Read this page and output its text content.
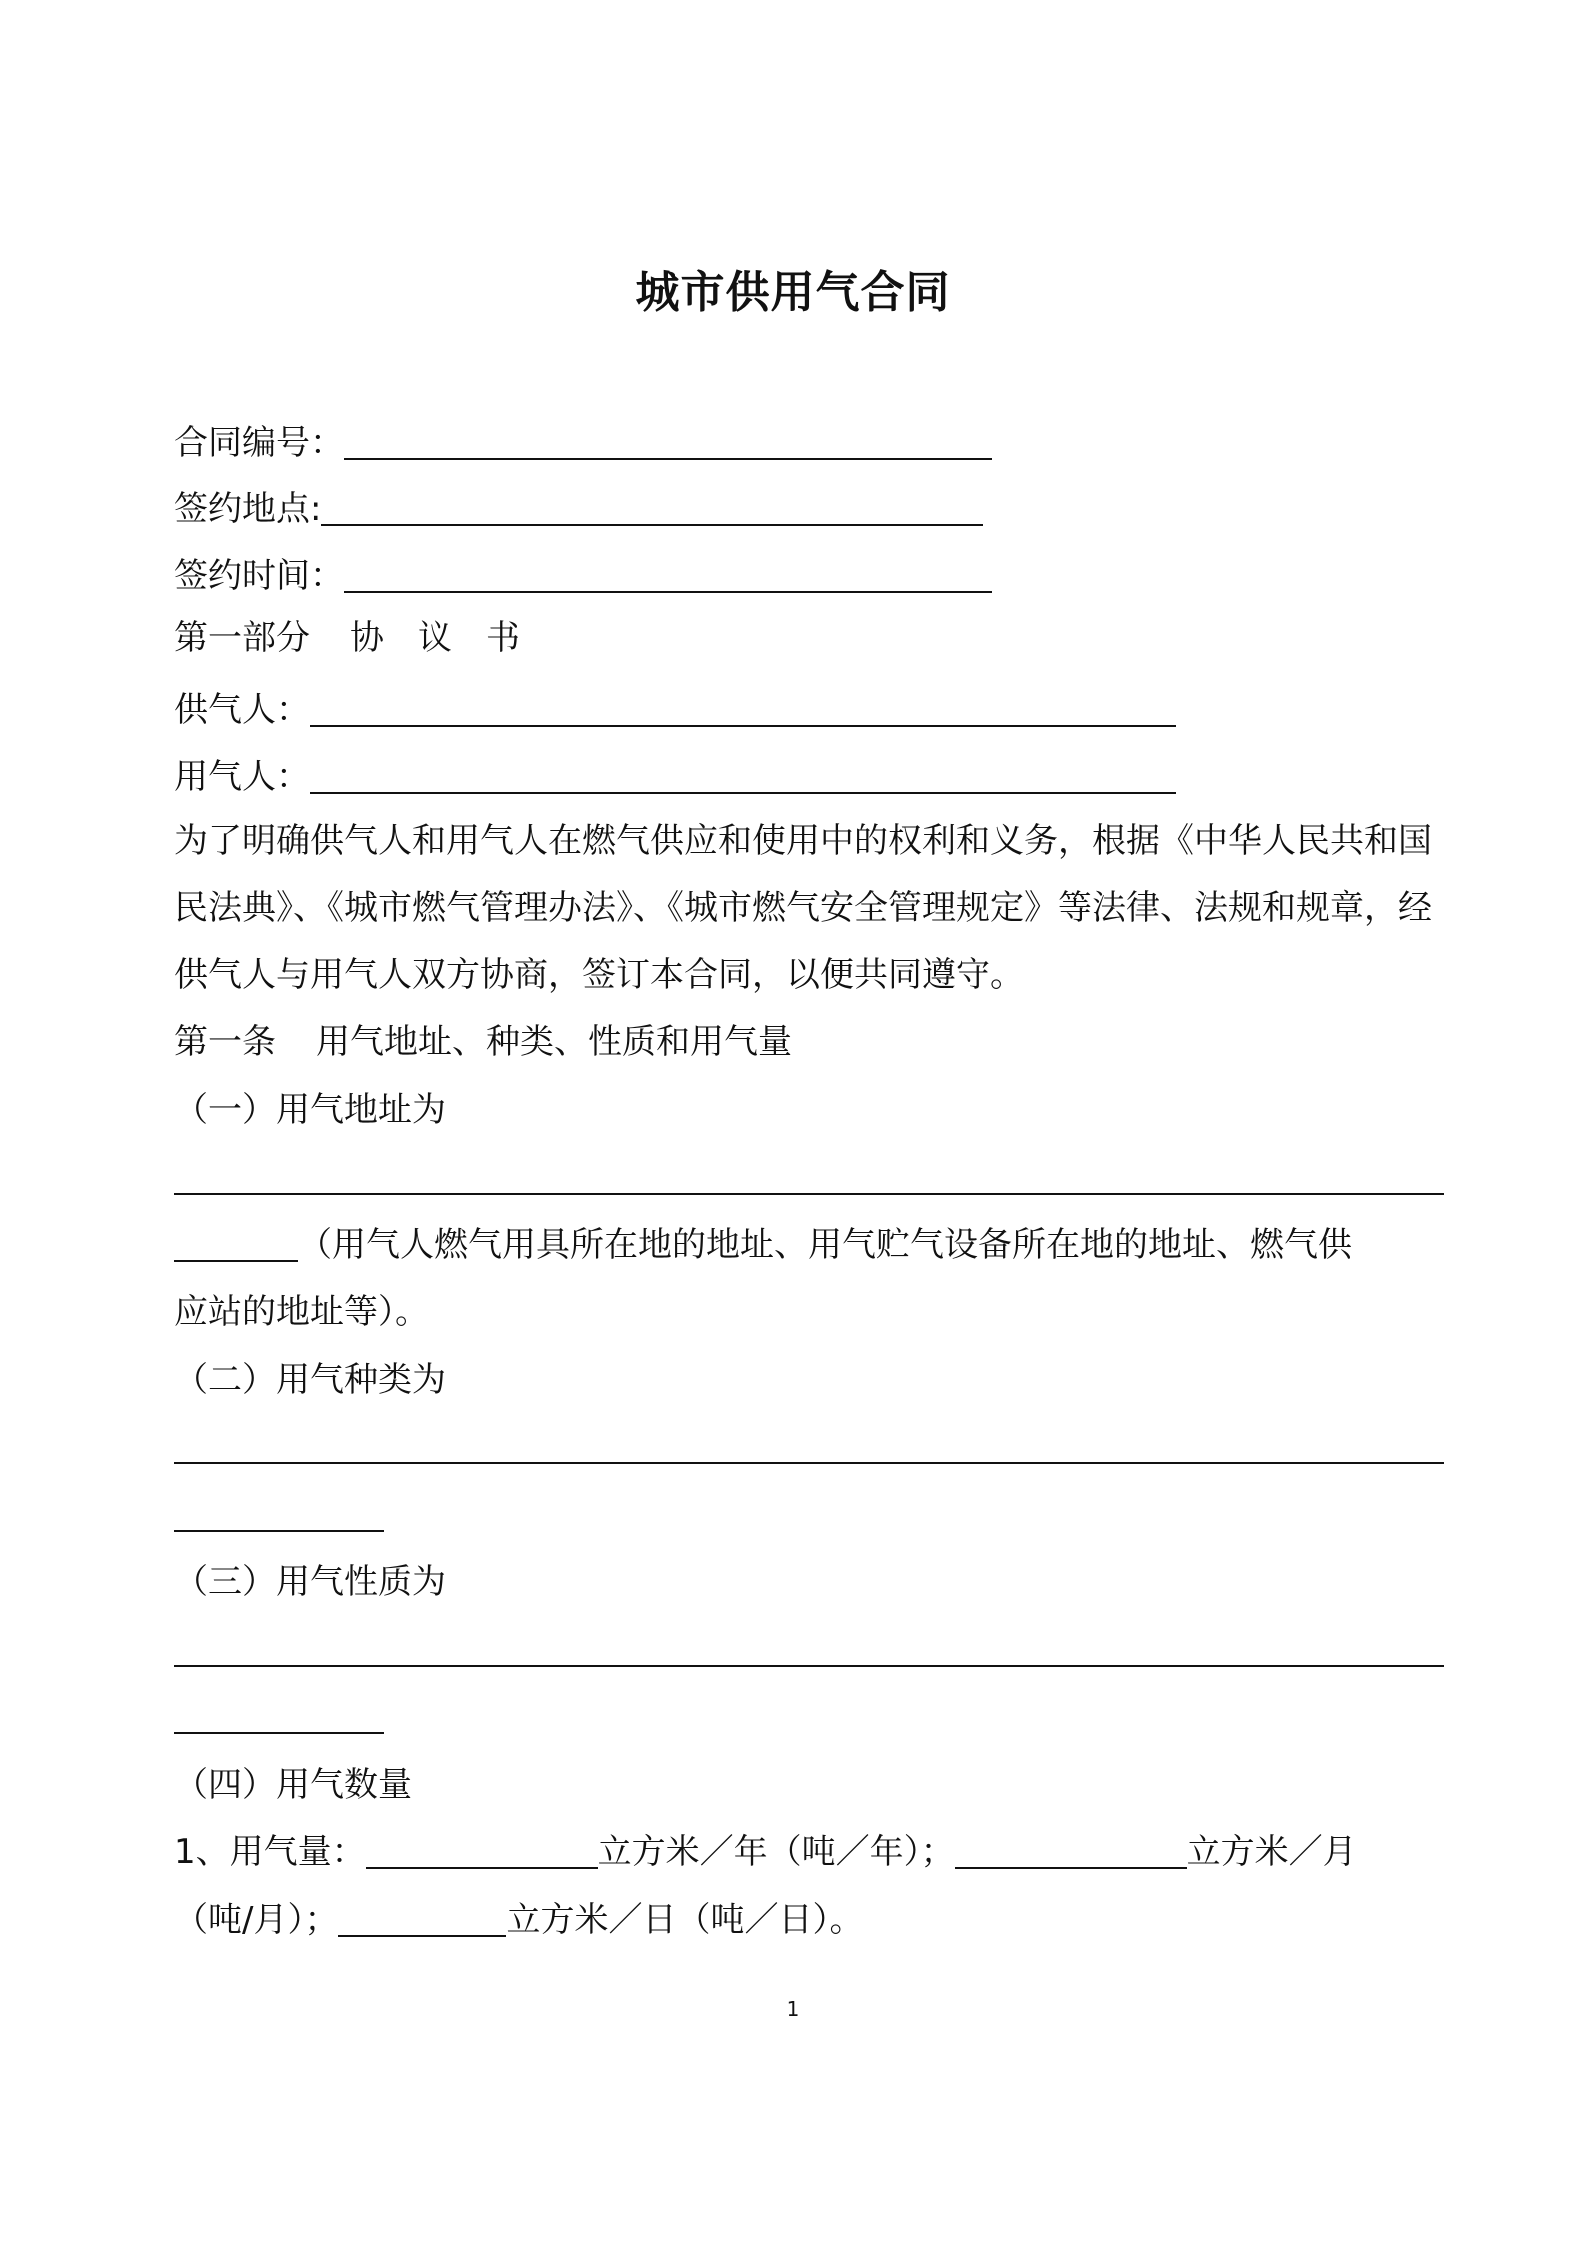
城市供用气合同
合同编号：
签约地点:
签约时间：
第一部分 协　议　书
供气人：
用气人：
为了明确供气人和用气人在燃气供应和使用中的权利和义务，根据《中华人民共和国民法典》、《城市燃气管理办法》、《城市燃气安全管理规定》等法律、法规和规章，经供气人与用气人双方协商，签订本合同，以便共同遵守。
第一条 用气地址、种类、性质和用气量
（一）用气地址为
（用气人燃气用具所在地的地址、用气贮气设备所在地的地址、燃气供
应站的地址等）。
（二）用气种类为
（三）用气性质为
（四）用气数量
1、用气量：	立方米／年（吨／年）；	立方米／月
（吨/月）；	立方米／日（吨／日）。
1
